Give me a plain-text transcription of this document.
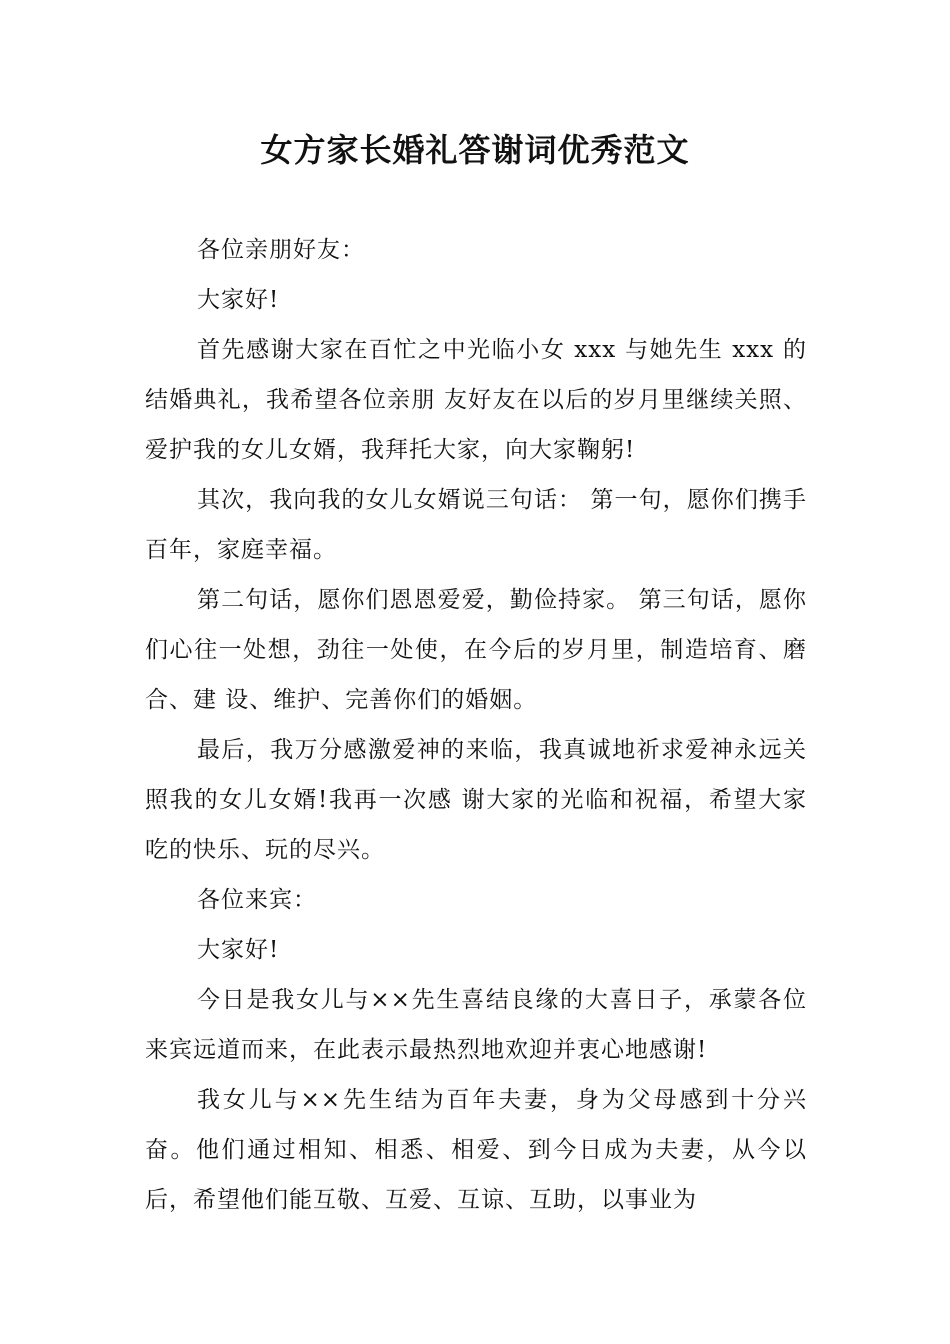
女方家长婚礼答谢词优秀范文

各位亲朋好友：

大家好!

首先感谢大家在百忙之中光临小女 xxx 与她先生 xxx 的结婚典礼，我希望各位亲朋 友好友在以后的岁月里继续关照、爱护我的女儿女婿，我拜托大家，向大家鞠躬!

其次，我向我的女儿女婿说三句话： 第一句，愿你们携手百年，家庭幸福。

第二句话，愿你们恩恩爱爱，勤俭持家。 第三句话，愿你们心往一处想，劲往一处使，在今后的岁月里，制造培育、磨合、建 设、维护、完善你们的婚姻。

最后，我万分感激爱神的来临，我真诚地祈求爱神永远关照我的女儿女婿!我再一次感 谢大家的光临和祝福，希望大家吃的快乐、玩的尽兴。

各位来宾：

大家好!

今日是我女儿与××先生喜结良缘的大喜日子，承蒙各位来宾远道而来，在此表示最热烈地欢迎并衷心地感谢!

我女儿与××先生结为百年夫妻，身为父母感到十分兴奋。他们通过相知、相悉、相爱、到今日成为夫妻，从今以后，希望他们能互敬、互爱、互谅、互助，以事业为
